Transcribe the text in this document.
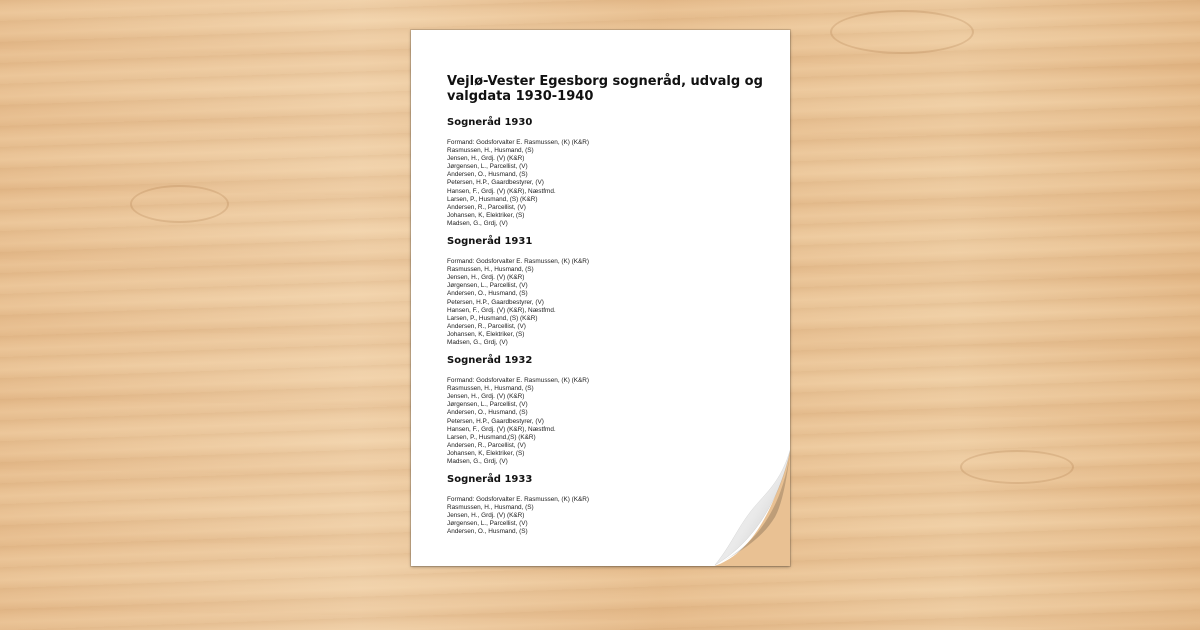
Vejlø-Vester Egesborg sogneråd, udvalg og valgdata 1930-1940
Sogneråd 1930
Formand: Godsforvalter E. Rasmussen, (K) (K&R)
Rasmussen, H., Husmand, (S)
Jensen, H., Grdj. (V) (K&R)
Jørgensen, L., Parcellist, (V)
Andersen, O., Husmand, (S)
Petersen, H.P., Gaardbestyrer, (V)
Hansen, F., Grdj. (V) (K&R), Næstfmd.
Larsen, P., Husmand, (S) (K&R)
Andersen, R., Parcellist, (V)
Johansen, K, Elektriker, (S)
Madsen, G., Grdj, (V)
Sogneråd 1931
Formand: Godsforvalter E. Rasmussen, (K) (K&R)
Rasmussen, H., Husmand, (S)
Jensen, H., Grdj. (V) (K&R)
Jørgensen, L., Parcellist, (V)
Andersen, O., Husmand, (S)
Petersen, H.P., Gaardbestyrer, (V)
Hansen, F., Grdj. (V) (K&R), Næstfmd.
Larsen, P., Husmand, (S) (K&R)
Andersen, R., Parcellist, (V)
Johansen, K, Elektriker, (S)
Madsen, G., Grdj, (V)
Sogneråd 1932
Formand: Godsforvalter E. Rasmussen, (K) (K&R)
Rasmussen, H., Husmand, (S)
Jensen, H., Grdj. (V) (K&R)
Jørgensen, L., Parcellist, (V)
Andersen, O., Husmand, (S)
Petersen, H.P., Gaardbestyrer, (V)
Hansen, F., Grdj. (V) (K&R), Næstfmd.
Larsen, P., Husmand,(S) (K&R)
Andersen, R., Parcellist, (V)
Johansen, K, Elektriker, (S)
Madsen, G., Grdj, (V)
Sogneråd 1933
Formand: Godsforvalter E. Rasmussen, (K) (K&R)
Rasmussen, H., Husmand, (S)
Jensen, H., Grdj. (V) (K&R)
Jørgensen, L., Parcellist, (V)
Andersen, O., Husmand, (S)
